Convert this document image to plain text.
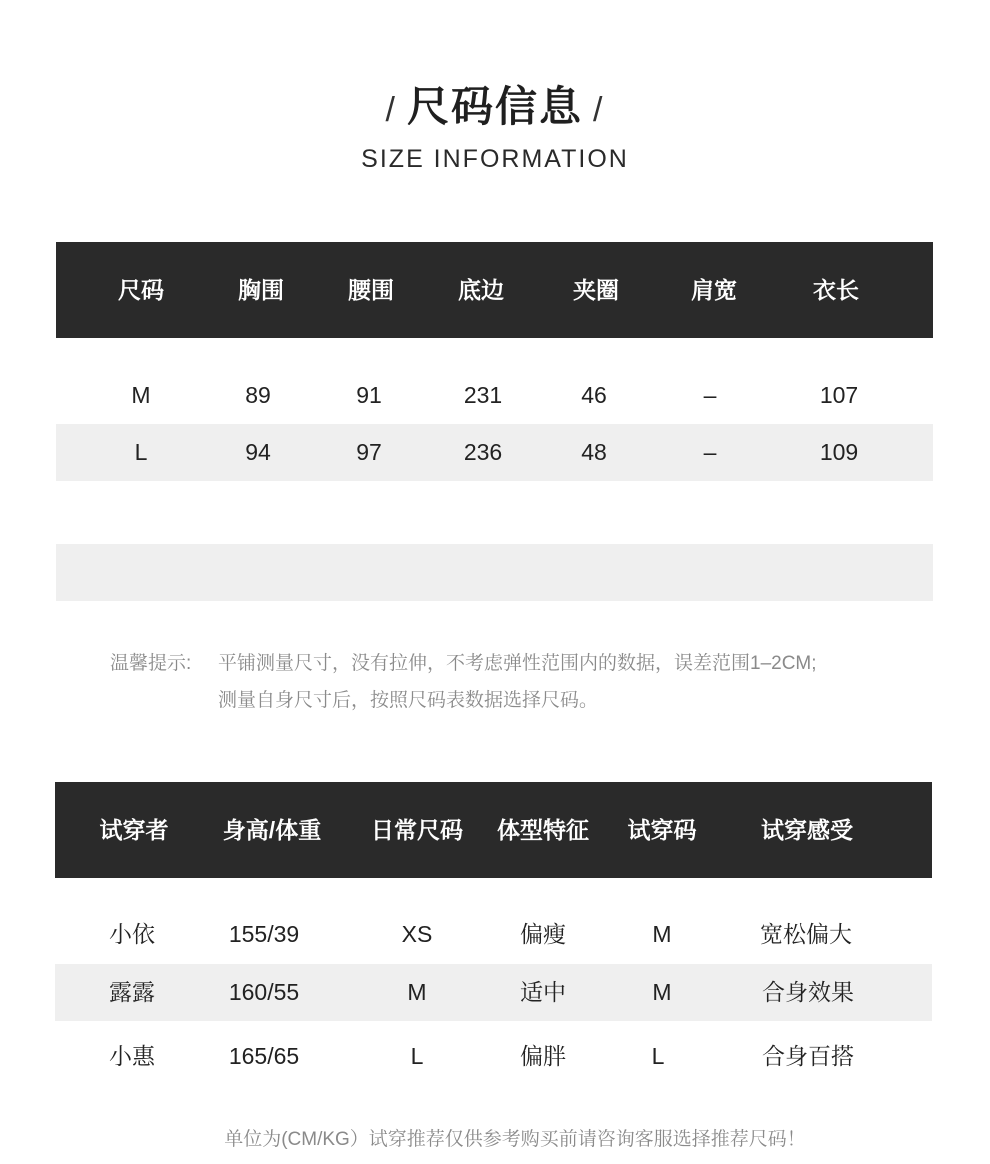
/ 尺码信息 /
SIZE INFORMATION
尺码	胸围	腰围	底边	夹圈	肩宽	衣长
M	89	91	231	46	–	107
L	94	97	236	48	–	109
温馨提示: 平铺测量尺寸，没有拉伸，不考虑弹性范围内的数据，误差范围1–2CM;
测量自身尺寸后，按照尺码表数据选择尺码。
试穿者 身高/体重 日常尺码 体型特征 试穿码	试穿感受
小依	155/39	XS	偏瘦	M	宽松偏大
露露	160/55	M	适中	M	合身效果
小惠	165/65	L	偏胖	L	合身百搭
单位为(CM/KG）试穿推荐仅供参考购买前请咨询客服选择推荐尺码！
